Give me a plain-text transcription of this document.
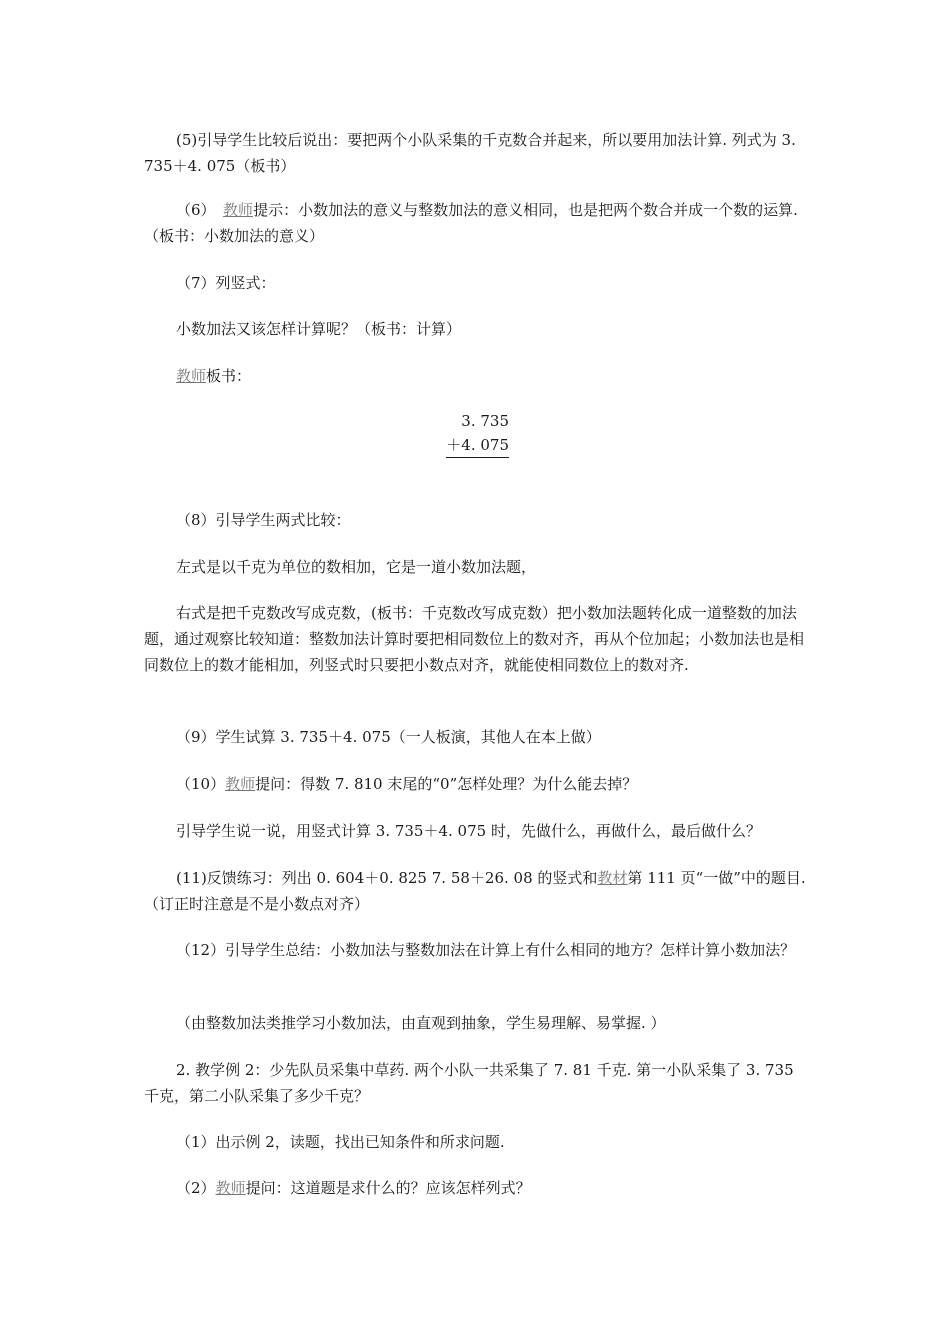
(5)引导学生比较后说出：要把两个小队采集的千克数合并起来，所以要用加法计算. 列式为 3. 735＋4. 075（板书）
（6）　教师提示：小数加法的意义与整数加法的意义相同，也是把两个数合并成一个数的运算. （板书：小数加法的意义）
（7）列竖式：
小数加法又该怎样计算呢？（板书：计算）
教师板书：
3. 735
＋4. 075
（8）引导学生两式比较：
左式是以千克为单位的数相加，它是一道小数加法题，
右式是把千克数改写成克数，(板书：千克数改写成克数）把小数加法题转化成一道整数的加法题，通过观察比较知道：整数加法计算时要把相同数位上的数对齐，再从个位加起；小数加法也是相同数位上的数才能相加，列竖式时只要把小数点对齐，就能使相同数位上的数对齐.
（9）学生试算 3. 735＋4. 075（一人板演，其他人在本上做）
（10）教师提问：得数 7. 810 末尾的“0”怎样处理？为什么能去掉？
引导学生说一说，用竖式计算 3. 735＋4. 075 时，先做什么，再做什么，最后做什么？
(11)反馈练习：列出 0. 604＋0. 825 7. 58＋26. 08 的竖式和教材第 111 页“一做”中的题目. （订正时注意是不是小数点对齐）
（12）引导学生总结：小数加法与整数加法在计算上有什么相同的地方？怎样计算小数加法？
（由整数加法类推学习小数加法，由直观到抽象，学生易理解、易掌握. ）
2. 教学例 2：少先队员采集中草药. 两个小队一共采集了 7. 81 千克. 第一小队采集了 3. 735 千克，第二小队采集了多少千克？
（1）出示例 2，读题，找出已知条件和所求问题.
（2）教师提问：这道题是求什么的？应该怎样列式？
